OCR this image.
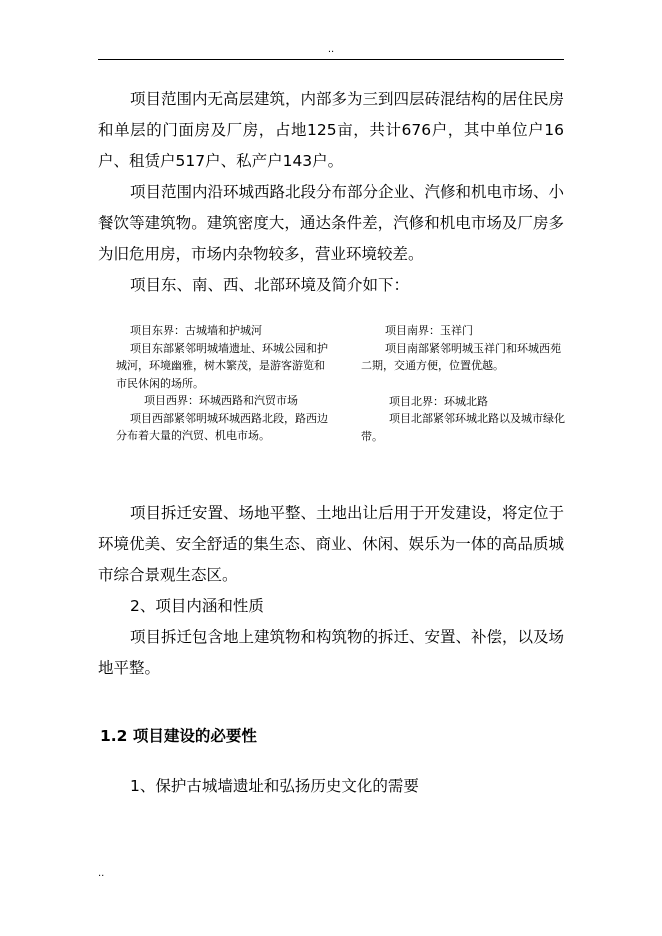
..

项目范围内无高层建筑，内部多为三到四层砖混结构的居住民房和单层的门面房及厂房，占地125亩，共计676户，其中单位户16户、租赁户517户、私产户143户。

项目范围内沿环城西路北段分布部分企业、汽修和机电市场、小餐饮等建筑物。建筑密度大，通达条件差，汽修和机电市场及厂房多为旧危用房，市场内杂物较多，营业环境较差。

项目东、南、西、北部环境及简介如下：

项目东界：古城墙和护城河

项目东部紧邻明城墙遗址、环城公园和护城河，环境幽雅，树木繁茂，是游客游览和市民休闲的场所。

项目西界：环城西路和汽贸市场

项目西部紧邻明城环城西路北段，路西边分布着大量的汽贸、机电市场。

项目南界：玉祥门

项目南部紧邻明城玉祥门和环城西苑二期，交通方便，位置优越。

项目北界：环城北路

项目北部紧邻环城北路以及城市绿化带。

项目拆迁安置、场地平整、土地出让后用于开发建设，将定位于环境优美、安全舒适的集生态、商业、休闲、娱乐为一体的高品质城市综合景观生态区。

2、项目内涵和性质

项目拆迁包含地上建筑物和构筑物的拆迁、安置、补偿，以及场地平整。

1.2 项目建设的必要性

1、保护古城墙遗址和弘扬历史文化的需要

..
